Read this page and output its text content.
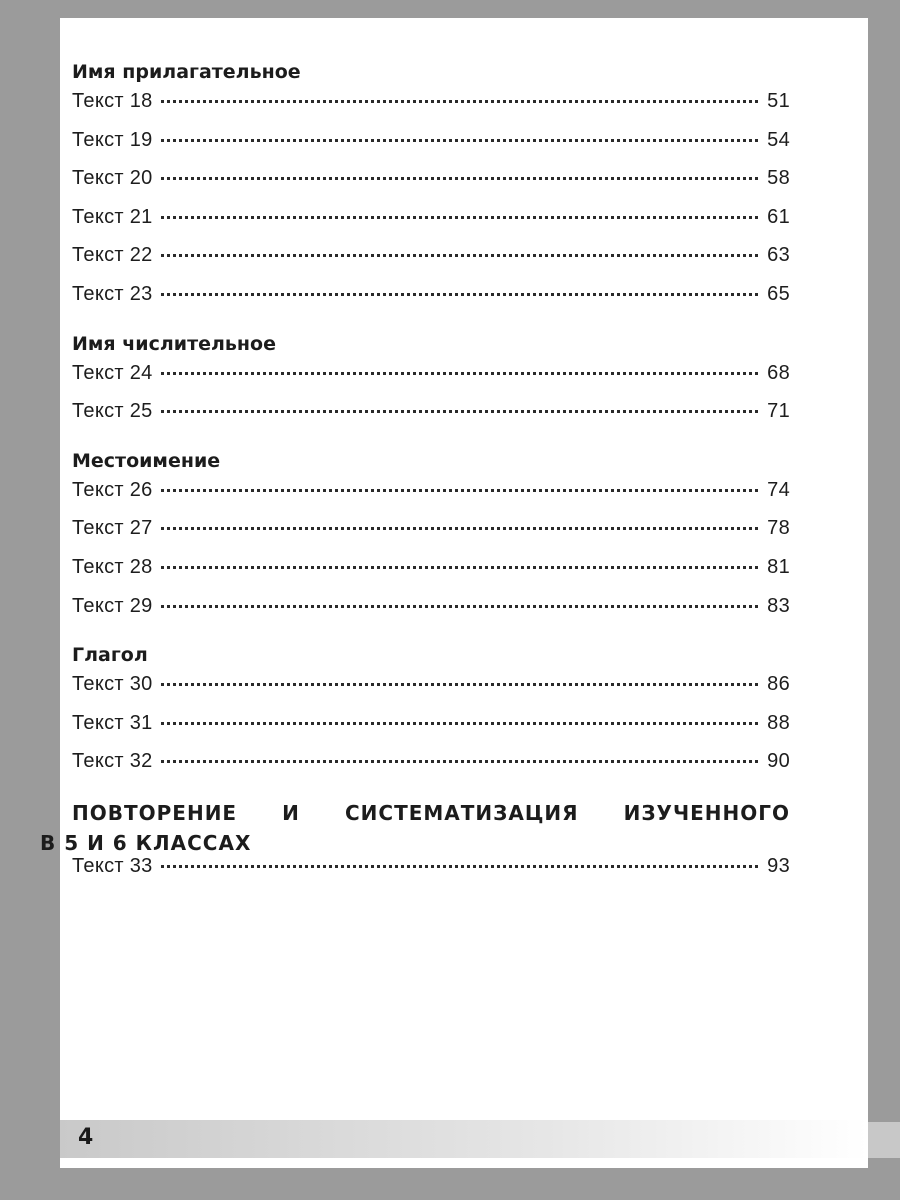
Имя прилагательное
Текст 18	51
Текст 19	54
Текст 20	58
Текст 21	61
Текст 22	63
Текст 23	65
Имя числительное
Текст 24	68
Текст 25	71
Местоимение
Текст 26	74
Текст 27	78
Текст 28	81
Текст 29	83
Глагол
Текст 30	86
Текст 31	88
Текст 32	90
ПОВТОРЕНИЕ И СИСТЕМАТИЗАЦИЯ ИЗУЧЕННОГО
В 5 И 6 КЛАССАХ
Текст 33	93
4
